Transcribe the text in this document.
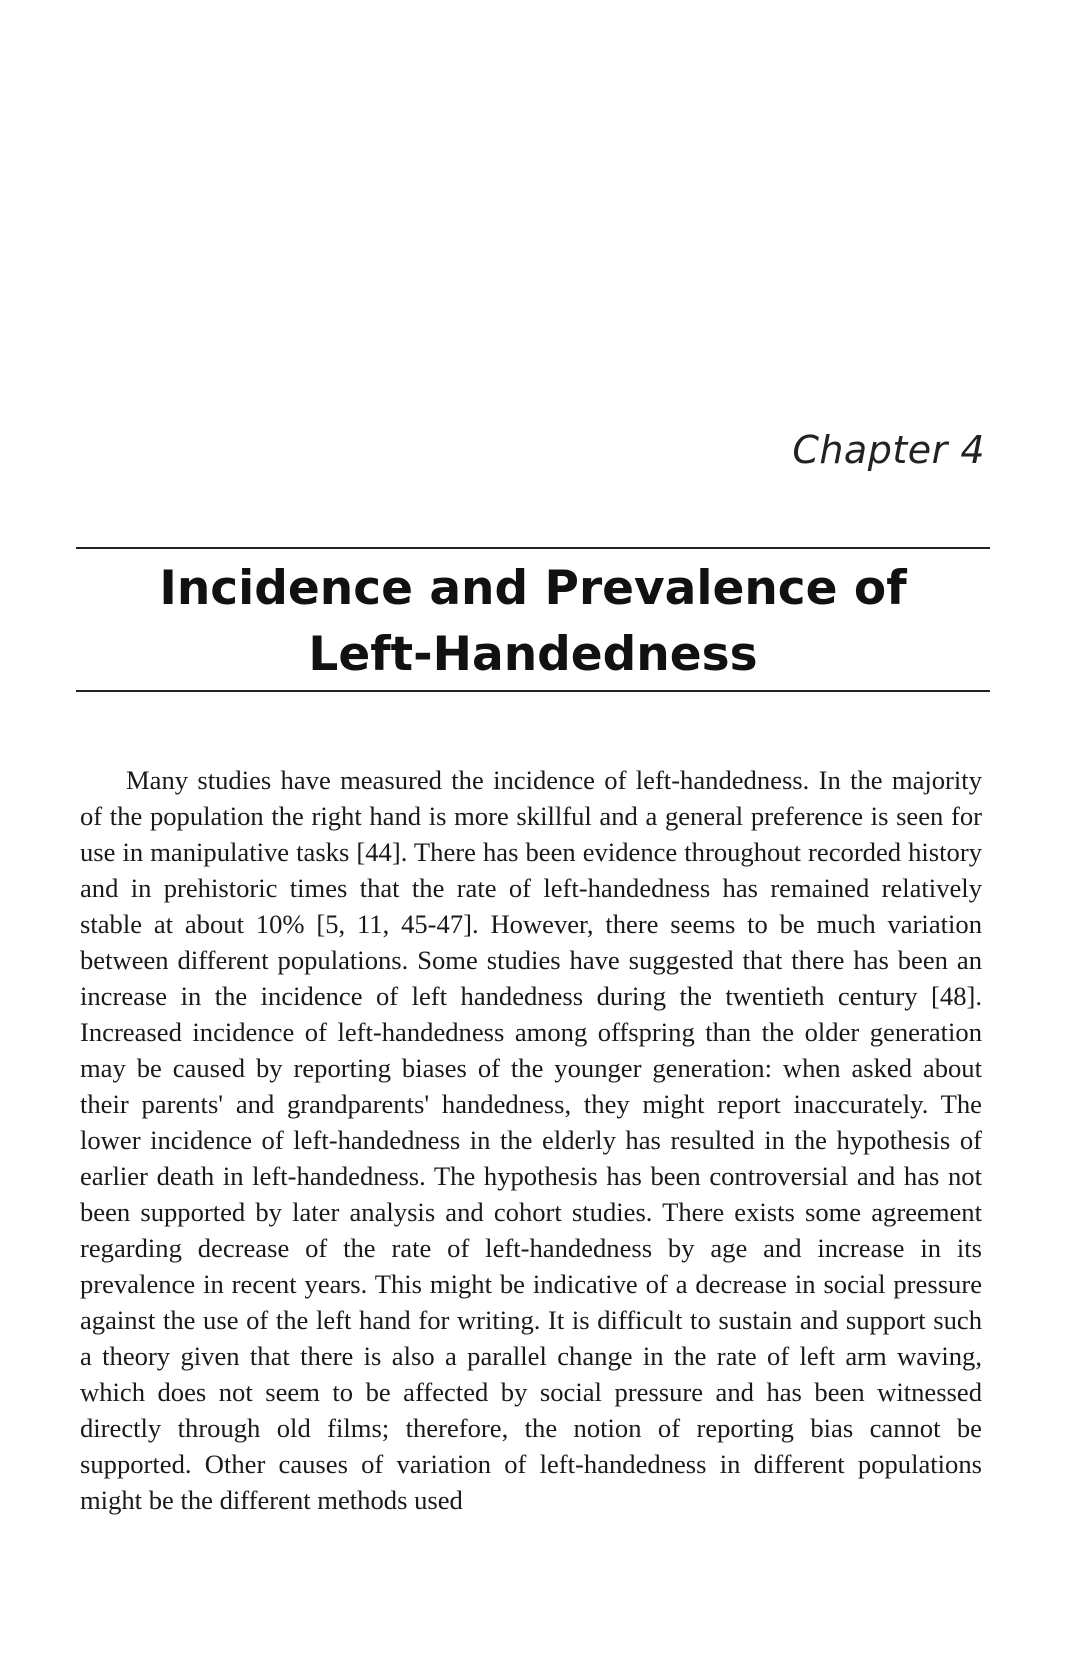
Chapter 4
Incidence and Prevalence of
Left-Handedness

Many studies have measured the incidence of left-handedness. In the majority of the population the right hand is more skillful and a general preference is seen for use in manipulative tasks [44]. There has been evidence throughout recorded history and in prehistoric times that the rate of left-handedness has remained relatively stable at about 10% [5, 11, 45-47]. However, there seems to be much variation between different populations. Some studies have suggested that there has been an increase in the incidence of left handedness during the twentieth century [48]. Increased incidence of left-handedness among offspring than the older generation may be caused by reporting biases of the younger generation: when asked about their parents' and grandparents' handedness, they might report inaccurately. The lower incidence of left-handedness in the elderly has resulted in the hypothesis of earlier death in left-handedness. The hypothesis has been controversial and has not been supported by later analysis and cohort studies. There exists some agreement regarding decrease of the rate of left-handedness by age and increase in its prevalence in recent years. This might be indicative of a decrease in social pressure against the use of the left hand for writing. It is difficult to sustain and support such a theory given that there is also a parallel change in the rate of left arm waving, which does not seem to be affected by social pressure and has been witnessed directly through old films; therefore, the notion of reporting bias cannot be supported. Other causes of variation of left-handedness in different populations might be the different methods used
